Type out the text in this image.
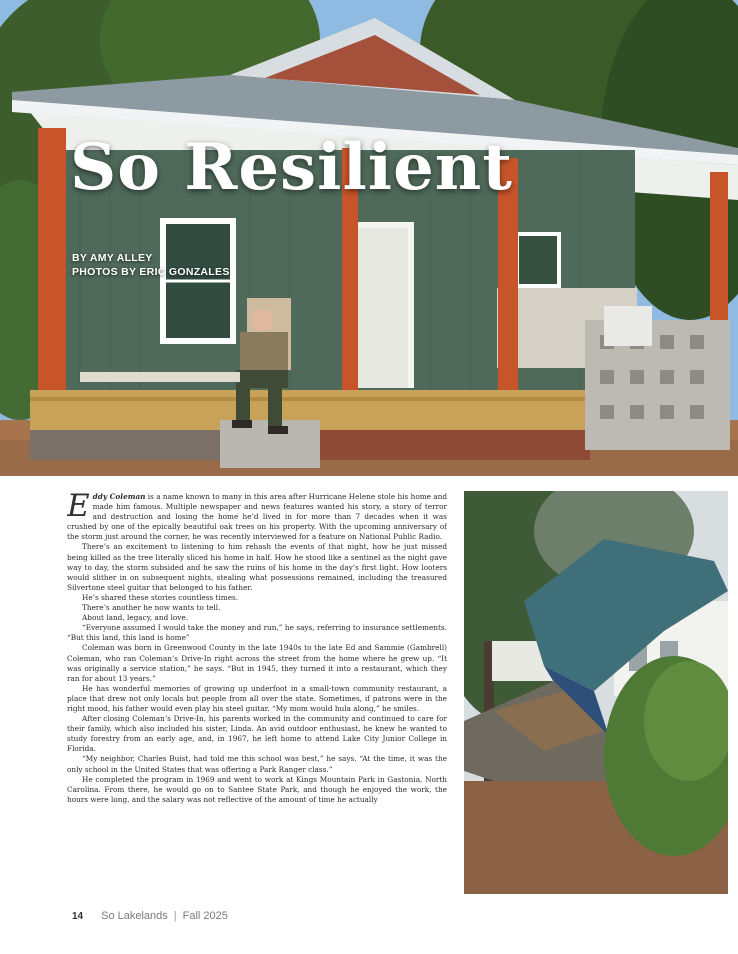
So Resilient
BY AMY ALLEY
PHOTOS BY ERIC GONZALES

Eddy Coleman is a name known to many in this area after Hurricane Helene stole his home and made him famous. Multiple newspaper and news features wanted his story, a story of terror and destruction and losing the home he’d lived in for more than 7 decades when it was crushed by one of the epically beautiful oak trees on his property. With the upcoming anniversary of the storm just around the corner, he was recently interviewed for a feature on National Public Radio.

There’s an excitement to listening to him rehash the events of that night, how he just missed being killed as the tree literally sliced his home in half. How he stood like a sentinel as the night gave way to day, the storm subsided and he saw the ruins of his home in the day’s first light. How looters would slither in on subsequent nights, stealing what possessions remained, including the treasured Silvertone steel guitar that belonged to his father.

He’s shared these stories countless times.

There’s another he now wants to tell.

About land, legacy, and love.

“Everyone assumed I would take the money and run,” he says, referring to insurance settlements. “But this land, this land is home”

Coleman was born in Greenwood County in the late 1940s to the late Ed and Sammie (Gambrell) Coleman, who ran Coleman’s Drive-In right across the street from the home where he grew up. “It was originally a service station,” he says. “But in 1945, they turned it into a restaurant, which they ran for about 13 years.”

He has wonderful memories of growing up underfoot in a small-town community restaurant, a place that drew not only locals but people from all over the state. Sometimes, if patrons were in the right mood, his father would even play his steel guitar. “My mom would hula along,” he smiles.

After closing Coleman’s Drive-In, his parents worked in the community and continued to care for their family, which also included his sister, Linda. An avid outdoor enthusiast, he knew he wanted to study forestry from an early age, and, in 1967, he left home to attend Lake City Junior College in Florida.

“My neighbor, Charles Buist, had told me this school was best,” he says. “At the time, it was the only school in the United States that was offering a Park Ranger class.”

He completed the program in 1969 and went to work at Kings Mountain Park in Gastonia, North Carolina. From there, he would go on to Santee State Park, and though he enjoyed the work, the hours were long, and the salary was not reflective of the amount of time he actually

14 So Lakelands | Fall 2025
